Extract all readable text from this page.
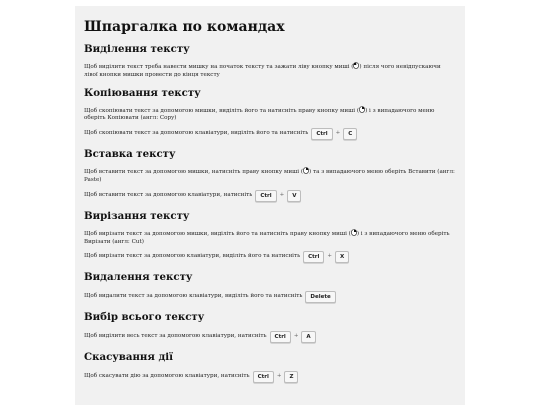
Шпаргалка по командах
Виділення тексту

Щоб виділити текст треба навести мишку на початок тексту та зажати ліву кнопку миші ( ) після чого невідпускаючи лівої кнопки мишки провести до кінця тексту

Копіювання тексту

Щоб скопіювати текст за допомогою мишки, виділіть його та натисніть праву кнопку миші ( ) і з випадаючого меню оберіть Копіювати (англ: Copy)

Щоб скопіювати текст за допомогою клавіатури, виділіть його та натисніть	Ctrl	+	C

Вставка тексту

Щоб вставити текст за допомогою мишки, натисніть праву кнопку миші ( ) та з випадаючого меню оберіть Вставити (англ: Paste)

Щоб вставити текст за допомогою клавіатури, натисніть	Ctrl	+	V

Вирізання тексту

Щоб вирізати текст за допомогою мишки, виділіть його та натисніть праву кнопку миші ( ) і з випадаючого меню оберіть Вирізати (англ: Cut)

Щоб вирізати текст за допомогою клавіатури, виділіть його та натисніть	Ctrl	+	X

Видалення тексту

Щоб видалити текст за допомогою клавіатури, виділіть його та натисніть	Delete

Вибір всього тексту

Щоб виділити весь текст за допомогою клавіатури, натисніть	Ctrl	+	A

Скасування дії

Щоб скасувати дію за допомогою клавіатури, натисніть	Ctrl	+	Z
